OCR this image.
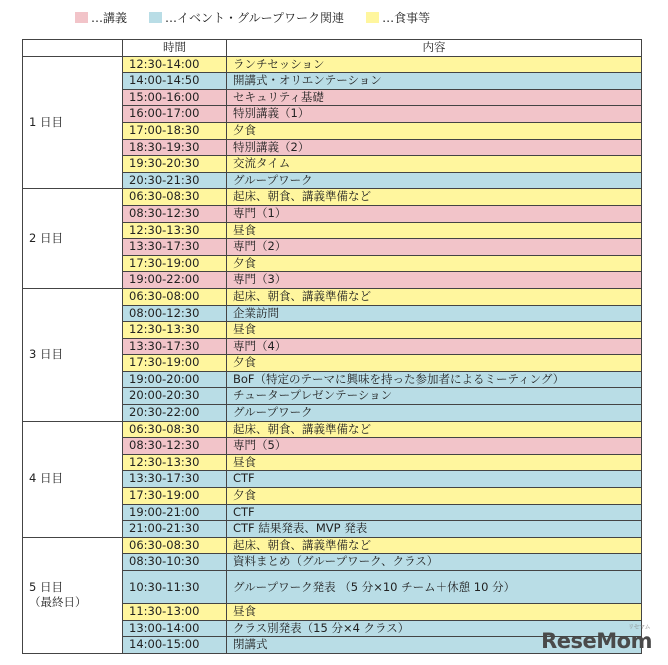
…講義	…イベント・グループワーク関連	…食事等
	時間	内容
1 日目	12:30-14:00	ランチセッション
	14:00-14:50	開講式・オリエンテーション
	15:00-16:00	セキュリティ基礎
	16:00-17:00	特別講義（1）
	17:00-18:30	夕食
	18:30-19:30	特別講義（2）
	19:30-20:30	交流タイム
	20:30-21:30	グループワーク
2 日目	06:30-08:30	起床、朝食、講義準備など
	08:30-12:30	専門（1）
	12:30-13:30	昼食
	13:30-17:30	専門（2）
	17:30-19:00	夕食
	19:00-22:00	専門（3）
3 日目	06:30-08:00	起床、朝食、講義準備など
	08:00-12:30	企業訪問
	12:30-13:30	昼食
	13:30-17:30	専門（4）
	17:30-19:00	夕食
	19:00-20:00	BoF（特定のテーマに興味を持った参加者によるミーティング）
	20:00-20:30	チュータープレゼンテーション
	20:30-22:00	グループワーク
4 日目	06:30-08:30	起床、朝食、講義準備など
	08:30-12:30	専門（5）
	12:30-13:30	昼食
	13:30-17:30	CTF
	17:30-19:00	夕食
	19:00-21:00	CTF
	21:00-21:30	CTF 結果発表、MVP 発表
5 日目
（最終日）	06:30-08:30	起床、朝食、講義準備など
	08:30-10:30	資料まとめ（グループワーク、クラス）
	10:30-11:30	グループワーク発表 （5 分×10 チーム＋休憩 10 分）
	11:30-13:00	昼食
	13:00-14:00	クラス別発表（15 分×4 クラス）
	14:00-15:00	閉講式	ReseMom
リセマム
